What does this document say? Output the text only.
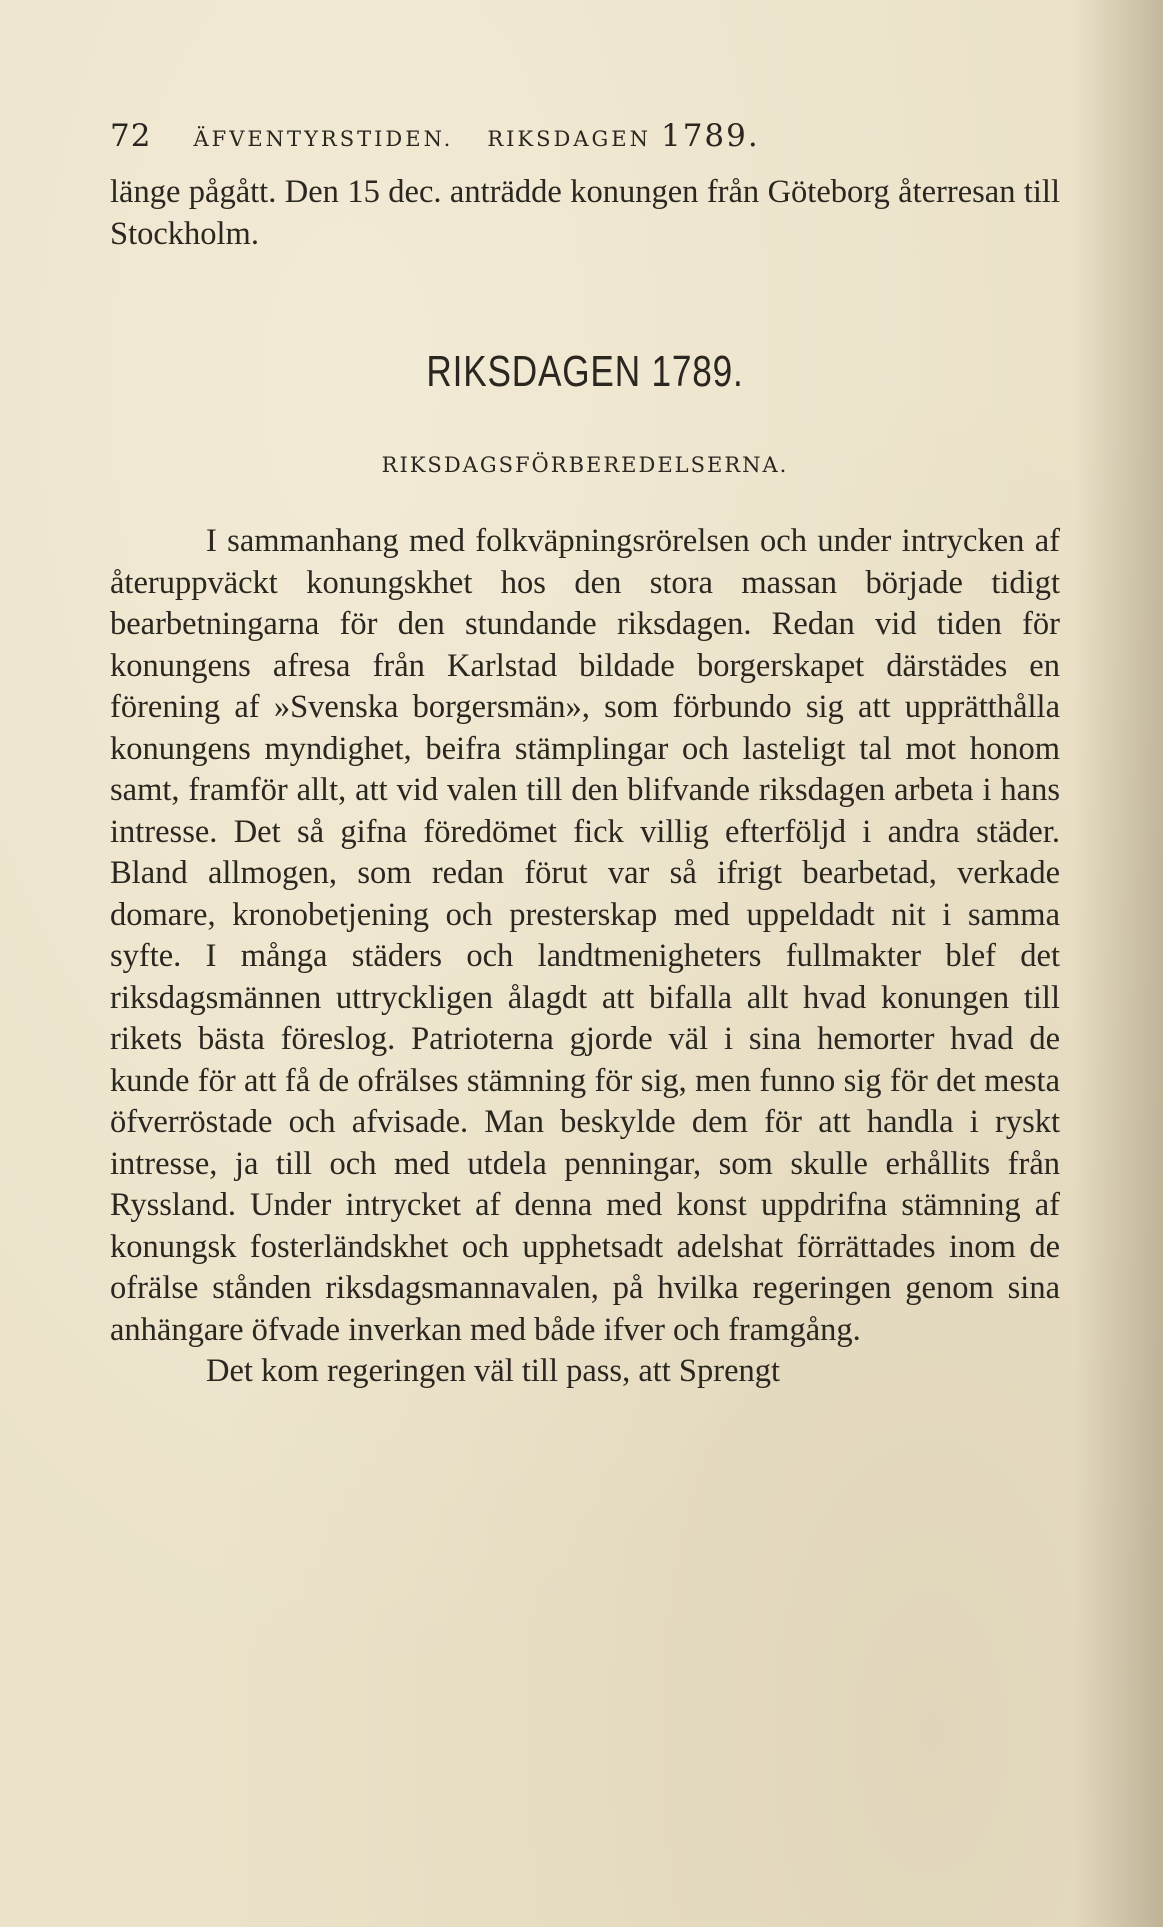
72 ÄFVENTYRSTIDEN. RIKSDAGEN 1789.

länge pågått. Den 15 dec. anträdde konungen från Göteborg återresan till Stockholm.

RIKSDAGEN 1789.
RIKSDAGSFÖRBEREDELSERNA.

I sammanhang med folkväpningsrörelsen och under intrycken af återuppväckt konungskhet hos den stora massan började tidigt bearbetningarna för den stundande riksdagen. Redan vid tiden för konungens afresa från Karlstad bildade borgerskapet därstädes en förening af »Svenska borgersmän», som förbundo sig att upprätthålla konungens myndighet, beifra stämplingar och lasteligt tal mot honom samt, framför allt, att vid valen till den blifvande riksdagen arbeta i hans intresse. Det så gifna föredömet fick villig efterföljd i andra städer. Bland allmogen, som redan förut var så ifrigt bearbetad, verkade domare, kronobetjening och presterskap med uppeldadt nit i samma syfte. I många städers och landtmenigheters fullmakter blef det riksdagsmännen uttryckligen ålagdt att bifalla allt hvad konungen till rikets bästa föreslog. Patrioterna gjorde väl i sina hemorter hvad de kunde för att få de ofrälses stämning för sig, men funno sig för det mesta öfverröstade och afvisade. Man beskylde dem för att handla i ryskt intresse, ja till och med utdela penningar, som skulle erhållits från Ryssland. Under intrycket af denna med konst uppdrifna stämning af konungsk fosterländskhet och upphetsadt adelshat förrättades inom de ofrälse stånden riksdagsmannavalen, på hvilka regeringen genom sina anhängare öfvade inverkan med både ifver och framgång.

Det kom regeringen väl till pass, att Sprengt
